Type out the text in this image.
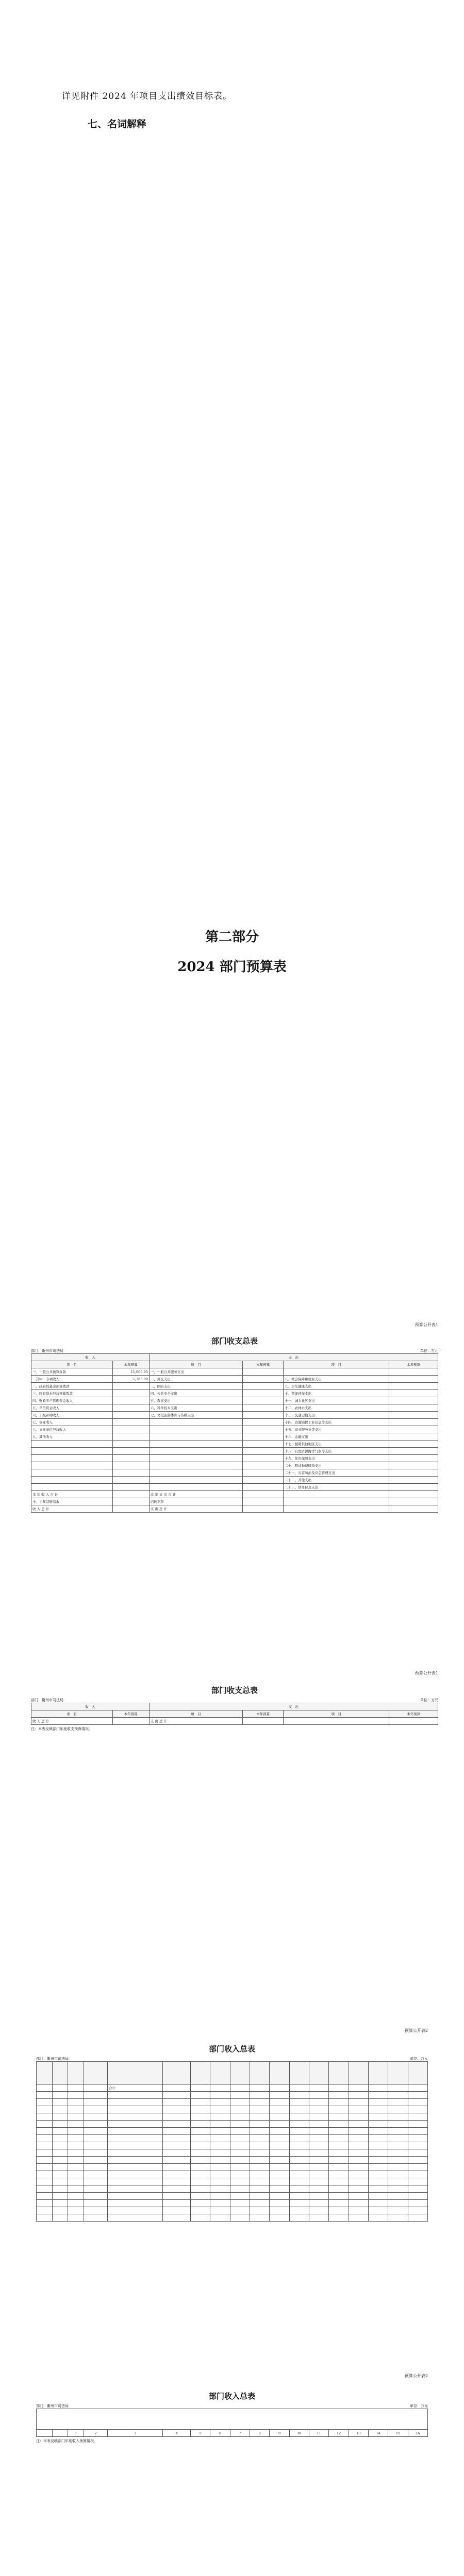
详见附件 2024 年项目支出绩效目标表。
七、名词解释
第二部分
2024 部门预算表
预算公开表1
部门收支总表
部门：衢州市司法局	单位：万元
收　入		支　出			
项　目	本年预算	项　目	本年预算	项　目	本年预算
一、一般公共预算拨款	11,065.95	一、一般公共服务支出			
　其中：专项收入	1,365.00	二、外交支出		八、社会保障和就业支出	
二、政府性基金预算拨款		三、国防支出		九、卫生健康支出	
三、国有资本经营预算拨款		四、公共安全支出		十、节能环保支出	
四、财政专户管理资金收入		五、教育支出		十一、城乡社区支出	
五、单位资金收入		六、科学技术支出		十二、农林水支出	
六、上级补助收入		七、文化旅游体育与传媒支出		十三、交通运输支出	
七、事业收入				十四、资源勘探工业信息等支出	
八、事业单位经营收入				十五、商业服务业等支出	
九、其他收入				十六、金融支出	
				十七、援助其他地区支出	
				十八、自然资源海洋气象等支出	
				十九、住房保障支出	
				二十、粮油物资储备支出	
				二十一、灾害防治及应急管理支出	
				二十二、其他支出	
				二十三、债务付息支出	
本 年 收 入 合 计		本 年 支 出 合 计			
十、上年结转结余		结转下年			
收 入 总 计		支 出 总 计			
预算公开表1
部门收支总表
部门：衢州市司法局	单位：万元
收　入		支　出			
项　目	本年预算	项　目	本年预算	项　目	本年预算
收 入 总 计		支 出 总 计			
注：本表反映部门年度收支预算情况。
预算公开表2
部门收入总表
部门：衢州市司法局	单位：万元

				合计													

预算公开表2
部门收入总表
部门：衢州市司法局	单位：万元

		1	2	3	4	5	6	7	8	9	10	11	12	13	14	15	16
注：本表反映部门年度收入预算情况。
